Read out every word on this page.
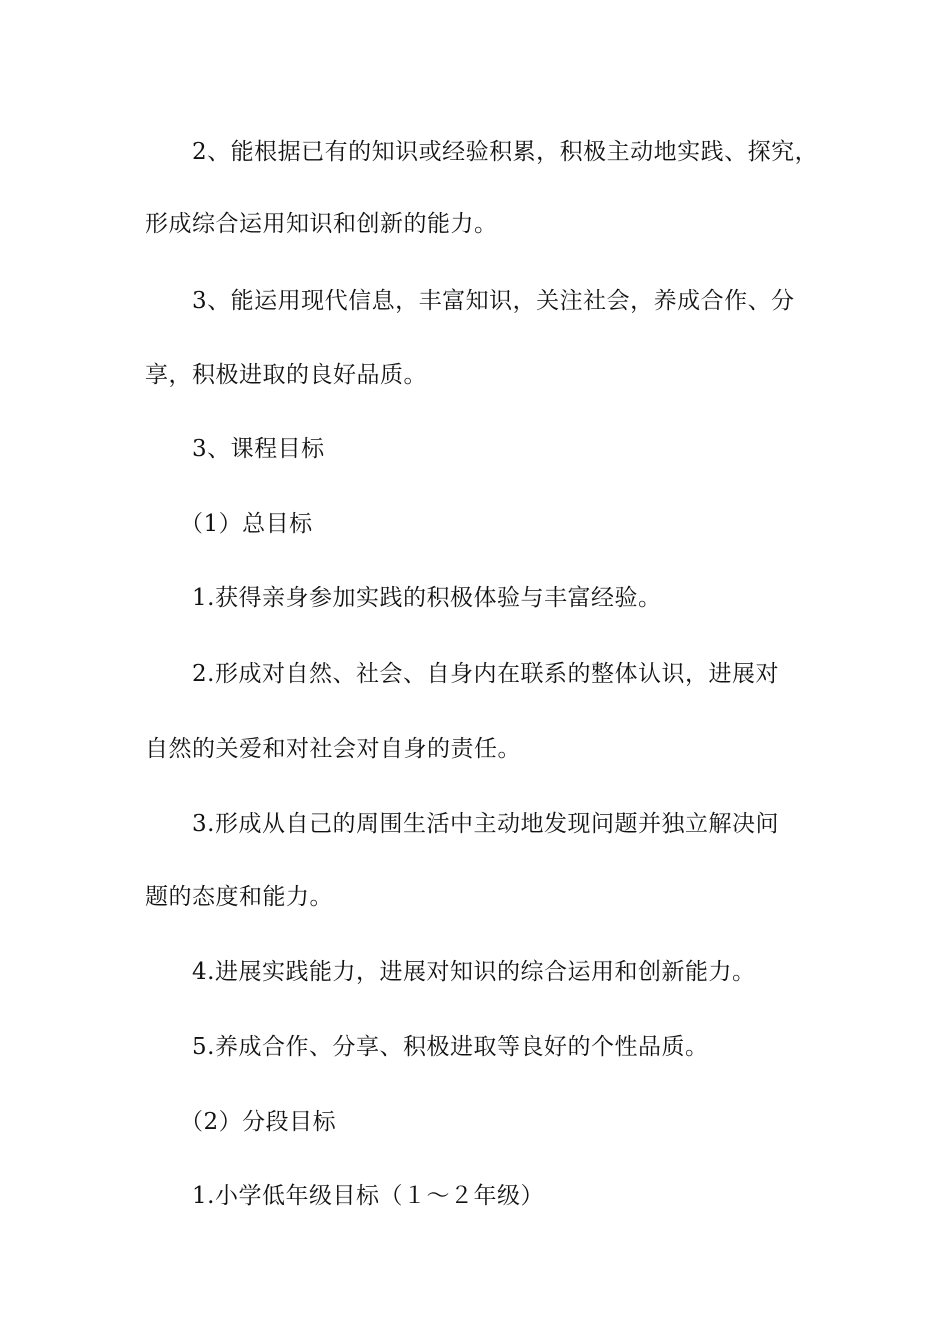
2、能根据已有的知识或经验积累，积极主动地实践、探究，
形成综合运用知识和创新的能力。
3、能运用现代信息，丰富知识，关注社会，养成合作、分
享，积极进取的良好品质。
3、课程目标
（1）总目标
1.获得亲身参加实践的积极体验与丰富经验。
2.形成对自然、社会、自身内在联系的整体认识，进展对
自然的关爱和对社会对自身的责任。
3.形成从自己的周围生活中主动地发现问题并独立解决问
题的态度和能力。
4.进展实践能力，进展对知识的综合运用和创新能力。
5.养成合作、分享、积极进取等良好的个性品质。
（2）分段目标
1.小学低年级目标（１～２年级）
